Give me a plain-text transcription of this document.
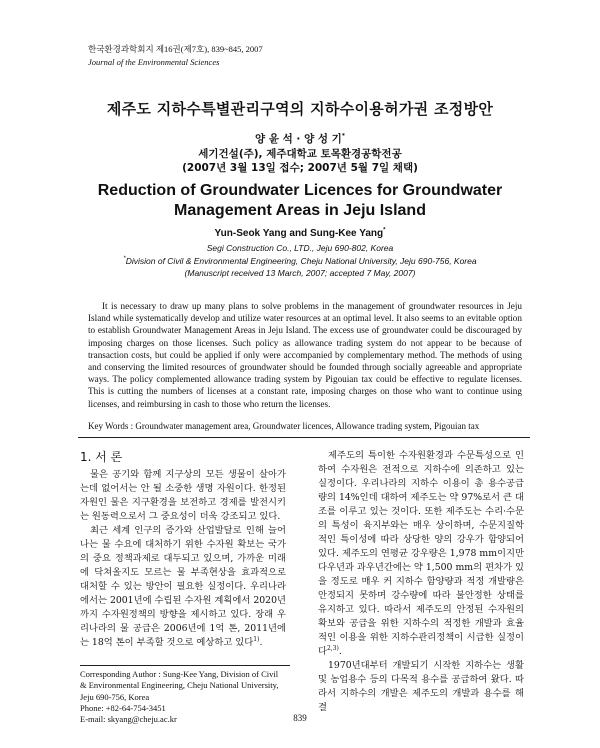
한국환경과학회지 제16권(제7호), 839~845, 2007
Journal of the Environmental Sciences
제주도 지하수특별관리구역의 지하수이용허가권 조정방안
양 윤 석 · 양 성 기*
세기건설(주), 제주대학교 토목환경공학전공
(2007년 3월 13일 접수; 2007년 5월 7일 채택)
Reduction of Groundwater Licences for Groundwater
Management Areas in Jeju Island
Yun-Seok Yang and Sung-Kee Yang*
Segi Construction Co., LTD., Jeju 690-802, Korea
*Division of Civil & Environmental Engineering, Cheju National University, Jeju 690-756, Korea
(Manuscript received 13 March, 2007; accepted 7 May, 2007)

It is necessary to draw up many plans to solve problems in the management of groundwater resources in Jeju Island while systematically develop and utilize water resources at an optimal level. It also seems to an evitable option to establish Groundwater Management Areas in Jeju Island. The excess use of groundwater could be discouraged by imposing charges on those licenses. Such policy as allowance trading system do not appear to be because of transaction costs, but could be applied if only were accompanied by complementary method. The methods of using and conserving the limited resources of groundwater should be founded through socially agreeable and appropriate ways. The policy complemented allowance trading system by Pigouian tax could be effective to regulate licenses. This is cutting the numbers of licenses at a constant rate, imposing charges on those who want to continue using licenses, and reimbursing in cash to those who return the licenses.

Key Words : Groundwater management area, Groundwater licences, Allowance trading system, Pigouian tax

1. 서 론

물은 공기와 함께 지구상의 모든 생물이 살아가는데 없어서는 안 될 소중한 생명 자원이다. 한정된 자원인 물은 지구환경을 보전하고 경제를 발전시키는 원동력으로서 그 중요성이 더욱 강조되고 있다.

최근 세계 인구의 증가와 산업발달로 인해 늘어나는 물 수요에 대처하기 위한 수자원 확보는 국가의 중요 정책과제로 대두되고 있으며, 가까운 미래에 닥쳐올지도 모르는 물 부족현상을 효과적으로 대처할 수 있는 방안이 필요한 실정이다. 우리나라에서는 2001년에 수립된 수자원 계획에서 2020년까지 수자원정책의 방향을 제시하고 있다. 장래 우리나라의 물 공급은 2006년에 1억 톤, 2011년에는 18억 톤이 부족할 것으로 예상하고 있다$^{1)}$.

제주도의 특이한 수자원환경과 수문특성으로 인하여 수자원은 전적으로 지하수에 의존하고 있는 실정이다. 우리나라의 지하수 이용이 총 용수공급량의 14%인데 대하여 제주도는 약 97%로서 큰 대조를 이루고 있는 것이다. 또한 제주도는 수리·수문의 특성이 육지부와는 매우 상이하며, 수문지질학적인 특이성에 따라 상당한 양의 강우가 함양되어 있다. 제주도의 연평균 강우량은 1,978 mm이지만 다우년과 과우년간에는 약 1,500 mm의 편차가 있을 정도로 매우 커 지하수 함양량과 적정 개발량은 안정되지 못하며 강수량에 따라 불안정한 상태를 유지하고 있다. 따라서 제주도의 안정된 수자원의 확보와 공급을 위한 지하수의 적정한 개발과 효율적인 이용을 위한 지하수관리정책이 시급한 실정이다$^{2,3)}$.

1970년대부터 개발되기 시작한 지하수는 생활 및 농업용수 등의 다목적 용수를 공급하여 왔다. 따라서 지하수의 개발은 제주도의 개발과 용수를 해결

Corresponding Author : Sung-Kee Yang, Division of Civil
& Environmental Engineering, Cheju National University,
Jeju 690-756, Korea
Phone: +82-64-754-3451
E-mail: skyang@cheju.ac.kr	839
